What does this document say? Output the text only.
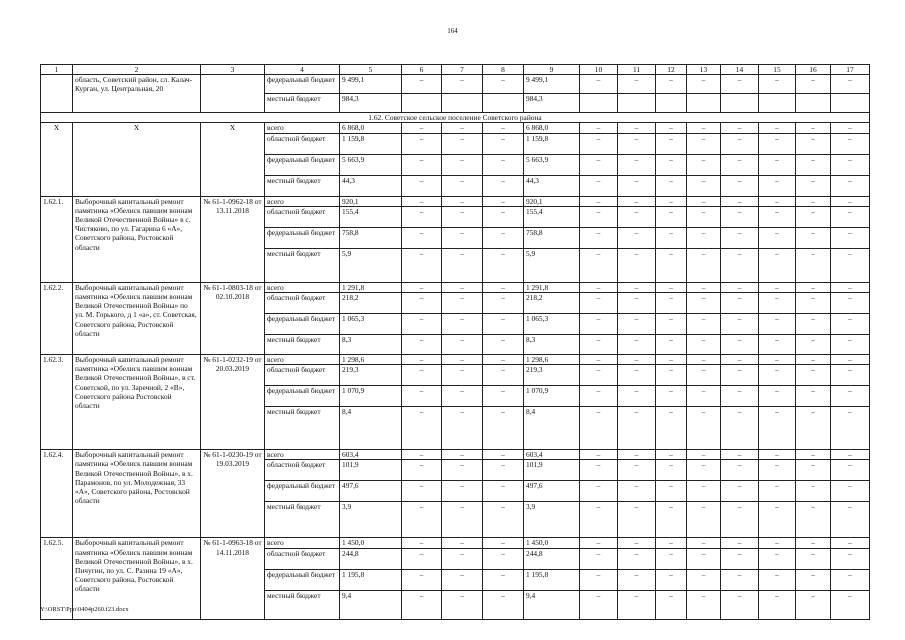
164
1	2	3	4	5	6	7	8	9	10	11	12	13	14	15	16	17
	область, Советский район, сл. Калач-Курган, ул. Центральная, 20		федеральный бюджет	9 499,1	–	–	–	9 499,1	–	–	–	–	–	–	–	–
			местный бюджет	984,3				984,3								
1.62. Советское сельское поселение Советского района																
Х	Х	Х	всего	6 868,0	–	–	–	6 868,0	–	–	–	–	–	–	–	–
			областной бюджет	1 159,8	–	–	–	1 159,8	–	–	–	–	–	–	–	–
			федеральный бюджет	5 663,9	–	–	–	5 663,9	–	–	–	–	–	–	–	–
			местный бюджет	44,3	–	–	–	44,3	–	–	–	–	–	–	–	–
1.62.1.	Выборочный капитальный ремонт памятника «Обелиск павшим воинам Великой Отечественной Войны» в с. Чистяково, по ул. Гагарина 6 «А», Советского района, Ростовской области	№ 61-1-0962-18 от 13.11.2018	всего	920,1	–	–	–	920,1	–	–	–	–	–	–	–	–
			областной бюджет	155,4	–	–	–	155,4	–	–	–	–	–	–	–	–
			федеральный бюджет	758,8	–	–	–	758,8	–	–	–	–	–	–	–	–
			местный бюджет	5,9	–	–	–	5,9	–	–	–	–	–	–	–	–
1.62.2.	Выборочный капитальный ремонт памятника «Обелиск павшим воинам Великой Отечественной Войны» по ул. М. Горького, д 1 «а», ст. Советская, Советского района, Ростовской области	№ 61-1-0803-18 от 02.10.2018	всего	1 291,8	–	–	–	1 291,8	–	–	–	–	–	–	–	–
			областной бюджет	218,2	–	–	–	218,2	–	–	–	–	–	–	–	–
			федеральный бюджет	1 065,3	–	–	–	1 065,3	–	–	–	–	–	–	–	–
			местный бюджет	8,3	–	–	–	8,3	–	–	–	–	–	–	–	–
1.62.3.	Выборочный капитальный ремонт памятника «Обелиск павшим воинам Великой Отечественной Войны», в ст. Советской, по ул. Заречной, 2 «В», Советского района Ростовской области	№ 61-1-0232-19 от 20.03.2019	всего	1 298,6	–	–	–	1 298,6	–	–	–	–	–	–	–	–
			областной бюджет	219,3	–	–	–	219,3	–	–	–	–	–	–	–	–
			федеральный бюджет	1 070,9	–	–	–	1 070,9	–	–	–	–	–	–	–	–
			местный бюджет	8,4	–	–	–	8,4	–	–	–	–	–	–	–	–
1.62.4.	Выборочный капитальный ремонт памятника «Обелиск павшим воинам Великой Отечественной Войны», в х. Парамонов, по ул. Молодежная, 33 «А», Советского района, Ростовской области	№ 61-1-0230-19 от 19.03.2019	всего	603,4	–	–	–	603,4	–	–	–	–	–	–	–	–
			областной бюджет	101,9	–	–	–	101,9	–	–	–	–	–	–	–	–
			федеральный бюджет	497,6	–	–	–	497,6	–	–	–	–	–	–	–	–
			местный бюджет	3,9	–	–	–	3,9	–	–	–	–	–	–	–	–
1.62.5.	Выборочный капитальный ремонт памятника «Обелиск павшим воинам Великой Отечественной Войны», в х. Пичугин, по ул. С. Разина 19 «А», Советского района, Ростовской области	№ 61-1-0963-18 от 14.11.2018	всего	1 450,0	–	–	–	1 450,0	–	–	–	–	–	–	–	–
			областной бюджет	244,8	–	–	–	244,8	–	–	–	–	–	–	–	–
			федеральный бюджет	1 195,8	–	–	–	1 195,8	–	–	–	–	–	–	–	–
			местный бюджет	9,4	–	–	–	9,4	–	–	–	–	–	–	–	–
Y:\ORST\Ppo\0404p260.f23.docx
